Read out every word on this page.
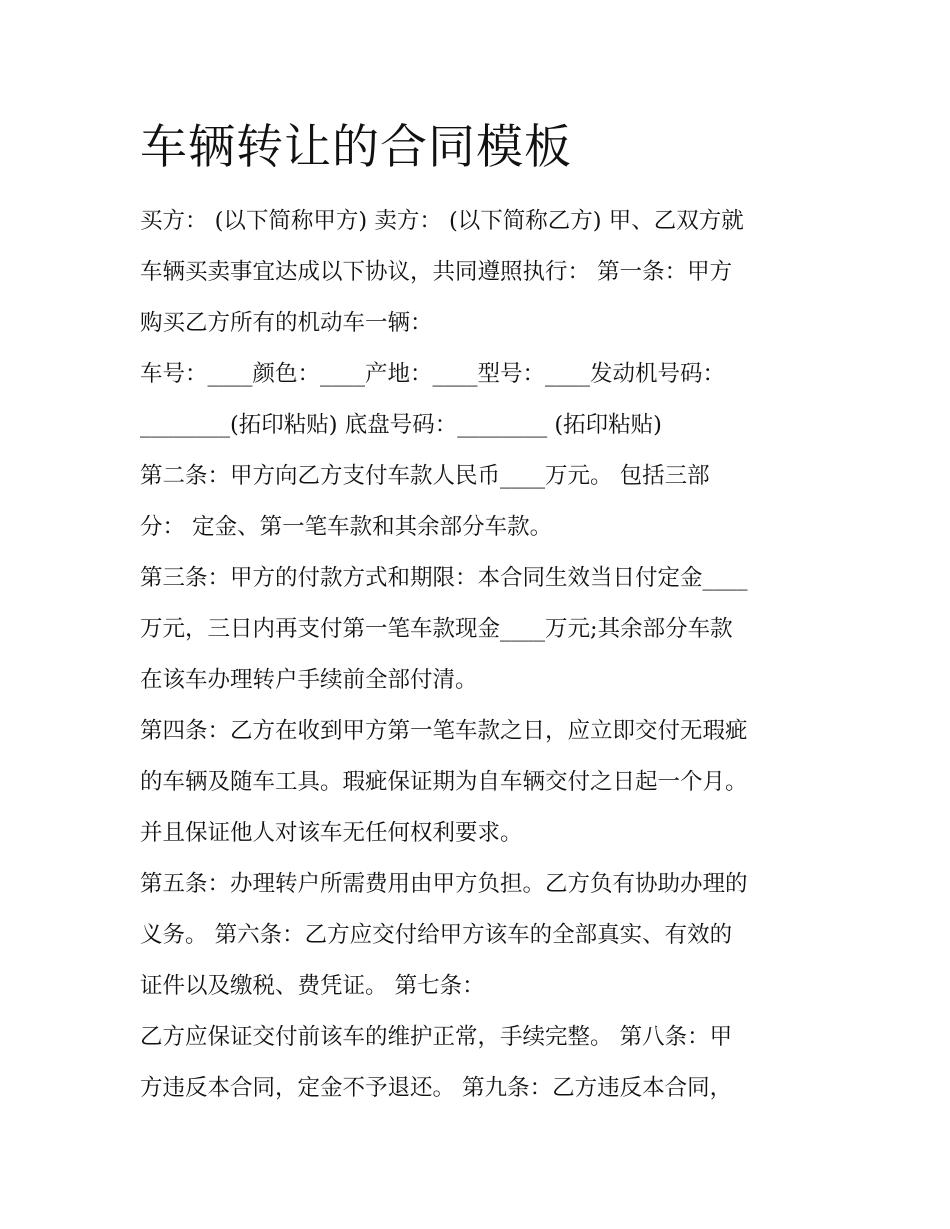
车辆转让的合同模板

买方： (以下简称甲方) 卖方： (以下简称乙方) 甲、乙双方就
车辆买卖事宜达成以下协议，共同遵照执行： 第一条：甲方
购买乙方所有的机动车一辆：

车号：____颜色：____产地：____型号：____发动机号码：
________(拓印粘贴) 底盘号码：________ (拓印粘贴)

第二条：甲方向乙方支付车款人民币____万元。 包括三部
分： 定金、第一笔车款和其余部分车款。

第三条：甲方的付款方式和期限：本合同生效当日付定金____
万元，三日内再支付第一笔车款现金____万元;其余部分车款
在该车办理转户手续前全部付清。

第四条：乙方在收到甲方第一笔车款之日，应立即交付无瑕疵
的车辆及随车工具。瑕疵保证期为自车辆交付之日起一个月。
并且保证他人对该车无任何权利要求。

第五条：办理转户所需费用由甲方负担。乙方负有协助办理的
义务。 第六条：乙方应交付给甲方该车的全部真实、有效的
证件以及缴税、费凭证。 第七条：

乙方应保证交付前该车的维护正常，手续完整。 第八条：甲
方违反本合同，定金不予退还。 第九条：乙方违反本合同，
